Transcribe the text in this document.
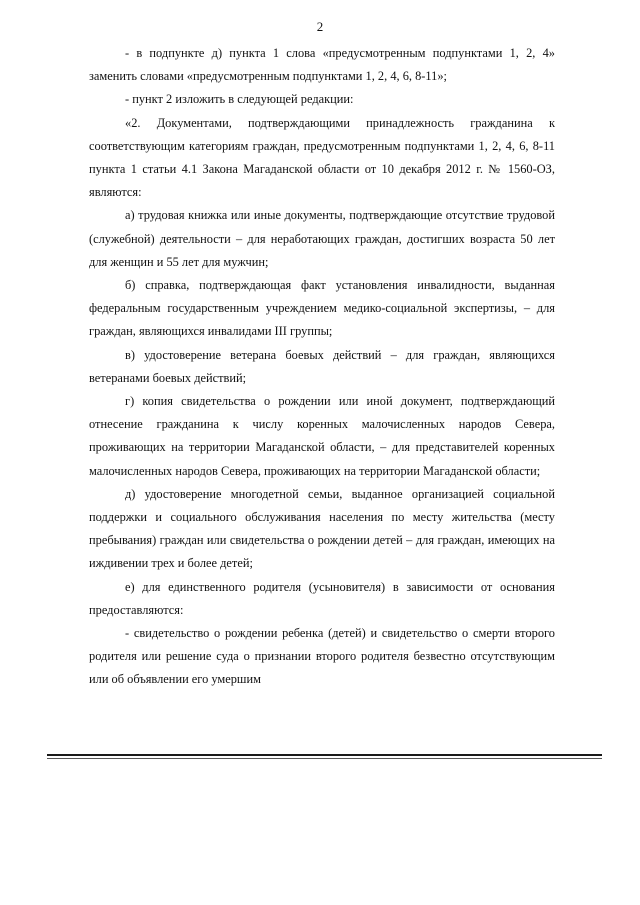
2

- в подпункте д) пункта 1 слова «предусмотренным подпунктами 1, 2, 4» заменить словами «предусмотренным подпунктами 1, 2, 4, 6, 8-11»;

- пункт 2 изложить в следующей редакции:

«2. Документами, подтверждающими принадлежность гражданина к соответствующим категориям граждан, предусмотренным подпунктами 1, 2, 4, 6, 8-11 пункта 1 статьи 4.1 Закона Магаданской области от 10 декабря 2012 г. № 1560-ОЗ, являются:

а) трудовая книжка или иные документы, подтверждающие отсутствие трудовой (служебной) деятельности – для неработающих граждан, достигших возраста 50 лет для женщин и 55 лет для мужчин;

б) справка, подтверждающая факт установления инвалидности, выданная федеральным государственным учреждением медико-социальной экспертизы, – для граждан, являющихся инвалидами III группы;

в) удостоверение ветерана боевых действий – для граждан, являющихся ветеранами боевых действий;

г) копия свидетельства о рождении или иной документ, подтверждающий отнесение гражданина к числу коренных малочисленных народов Севера, проживающих на территории Магаданской области, – для представителей коренных малочисленных народов Севера, проживающих на территории Магаданской области;

д) удостоверение многодетной семьи, выданное организацией социальной поддержки и социального обслуживания населения по месту жительства (месту пребывания) граждан или свидетельства о рождении детей – для граждан, имеющих на иждивении трех и более детей;

е) для единственного родителя (усыновителя) в зависимости от основания предоставляются:

- свидетельство о рождении ребенка (детей) и свидетельство о смерти второго родителя или решение суда о признании второго родителя безвестно отсутствующим или об объявлении его умершим
